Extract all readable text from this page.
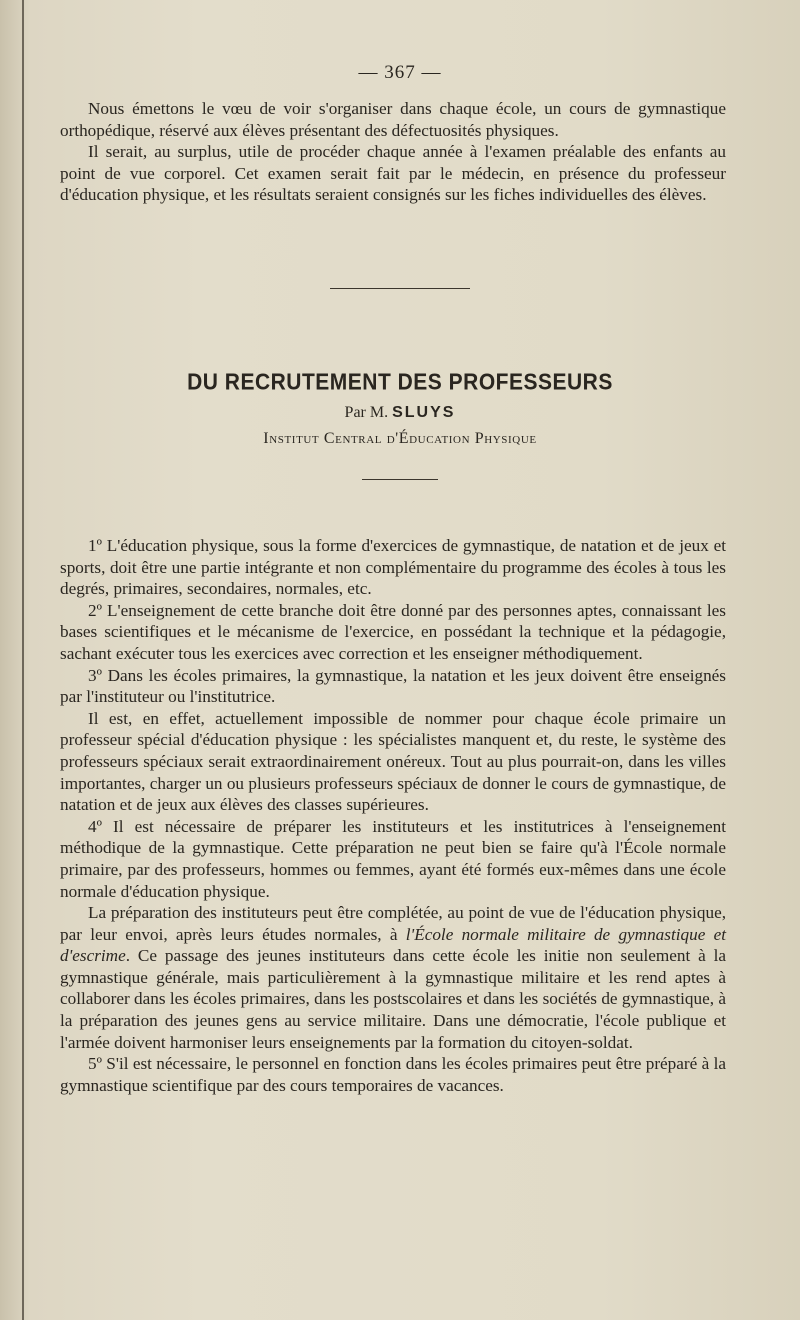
— 367 —

Nous émettons le vœu de voir s'organiser dans chaque école, un cours de gymnastique orthopédique, réservé aux élèves présentant des défectuosités physiques.

Il serait, au surplus, utile de procéder chaque année à l'examen préalable des enfants au point de vue corporel. Cet examen serait fait par le médecin, en présence du professeur d'éducation physique, et les résultats seraient consignés sur les fiches individuelles des élèves.

DU RECRUTEMENT DES PROFESSEURS
Par M. SLUYS
Institut Central d'Éducation Physique

1º L'éducation physique, sous la forme d'exercices de gymnastique, de natation et de jeux et sports, doit être une partie intégrante et non complémentaire du programme des écoles à tous les degrés, primaires, secondaires, normales, etc.

2º L'enseignement de cette branche doit être donné par des personnes aptes, connaissant les bases scientifiques et le mécanisme de l'exercice, en possédant la technique et la pédagogie, sachant exécuter tous les exercices avec correction et les enseigner méthodiquement.

3º Dans les écoles primaires, la gymnastique, la natation et les jeux doivent être enseignés par l'instituteur ou l'institutrice.

Il est, en effet, actuellement impossible de nommer pour chaque école primaire un professeur spécial d'éducation physique : les spécialistes manquent et, du reste, le système des professeurs spéciaux serait extraordinairement onéreux. Tout au plus pourrait-on, dans les villes importantes, charger un ou plusieurs professeurs spéciaux de donner le cours de gymnastique, de natation et de jeux aux élèves des classes supérieures.

4º Il est nécessaire de préparer les instituteurs et les institutrices à l'enseignement méthodique de la gymnastique. Cette préparation ne peut bien se faire qu'à l'École normale primaire, par des professeurs, hommes ou femmes, ayant été formés eux-mêmes dans une école normale d'éducation physique.

La préparation des instituteurs peut être complétée, au point de vue de l'éducation physique, par leur envoi, après leurs études normales, à l'École normale militaire de gymnastique et d'escrime. Ce passage des jeunes instituteurs dans cette école les initie non seulement à la gymnastique générale, mais particulièrement à la gymnastique militaire et les rend aptes à collaborer dans les écoles primaires, dans les postscolaires et dans les sociétés de gymnastique, à la préparation des jeunes gens au service militaire. Dans une démocratie, l'école publique et l'armée doivent harmoniser leurs enseignements par la formation du citoyen-soldat.

5º S'il est nécessaire, le personnel en fonction dans les écoles primaires peut être préparé à la gymnastique scientifique par des cours temporaires de vacances.
